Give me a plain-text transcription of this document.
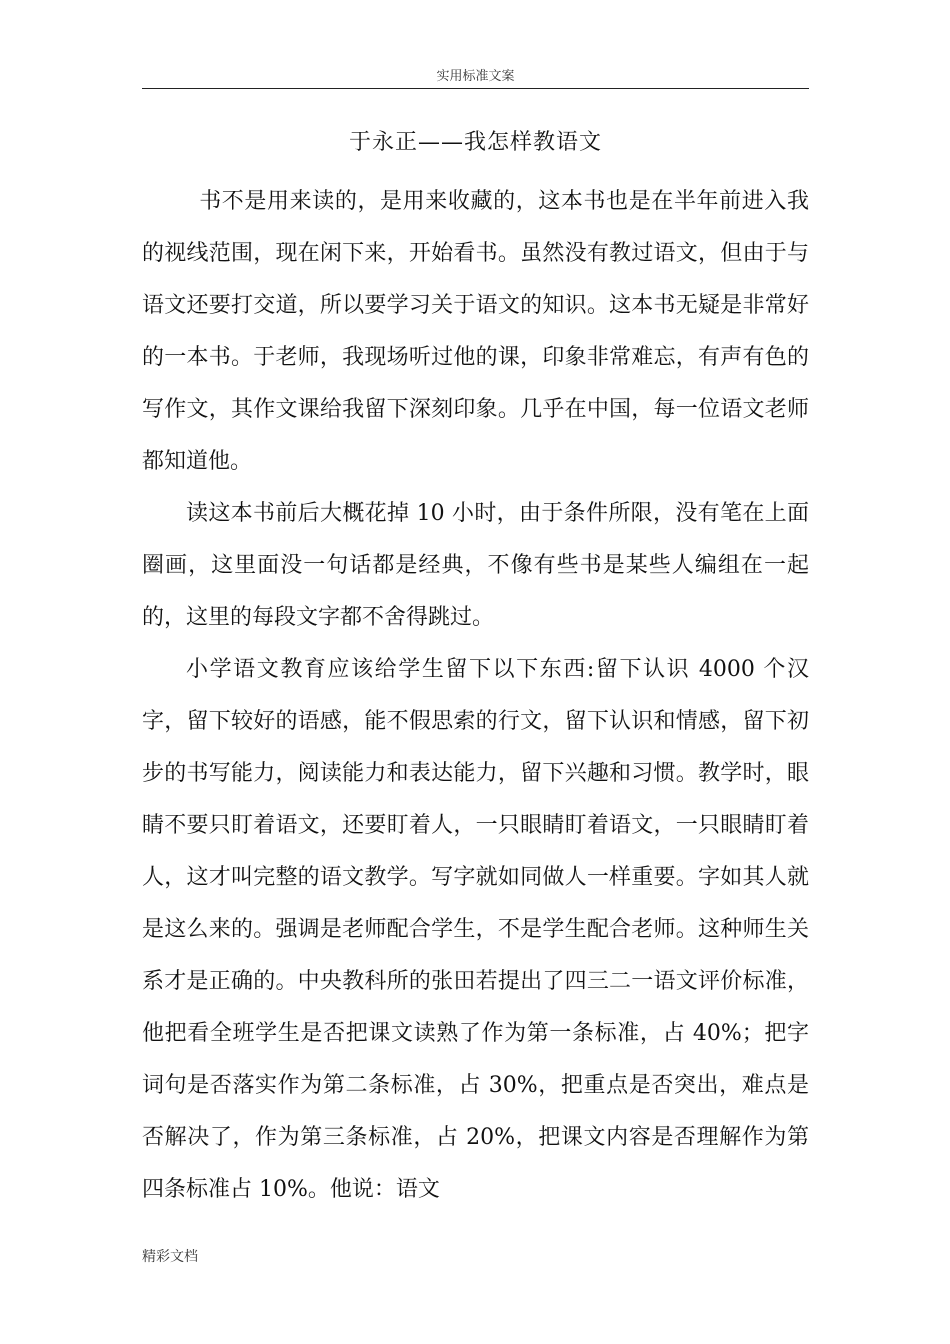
实用标准文案
于永正——我怎样教语文

书不是用来读的，是用来收藏的，这本书也是在半年前进入我的视线范围，现在闲下来，开始看书。虽然没有教过语文，但由于与语文还要打交道，所以要学习关于语文的知识。这本书无疑是非常好的一本书。于老师，我现场听过他的课，印象非常难忘，有声有色的写作文，其作文课给我留下深刻印象。几乎在中国，每一位语文老师都知道他。

读这本书前后大概花掉 10 小时，由于条件所限，没有笔在上面圈画，这里面没一句话都是经典，不像有些书是某些人编组在一起的，这里的每段文字都不舍得跳过。

小学语文教育应该给学生留下以下东西:留下认识 4000 个汉字，留下较好的语感，能不假思索的行文，留下认识和情感，留下初步的书写能力，阅读能力和表达能力，留下兴趣和习惯。教学时，眼睛不要只盯着语文，还要盯着人，一只眼睛盯着语文，一只眼睛盯着人，这才叫完整的语文教学。写字就如同做人一样重要。字如其人就是这么来的。强调是老师配合学生，不是学生配合老师。这种师生关系才是正确的。中央教科所的张田若提出了四三二一语文评价标准，他把看全班学生是否把课文读熟了作为第一条标准，占 40%；把字词句是否落实作为第二条标准，占 30%，把重点是否突出，难点是否解决了，作为第三条标准，占 20%，把课文内容是否理解作为第四条标准占 10%。他说：语文

精彩文档
